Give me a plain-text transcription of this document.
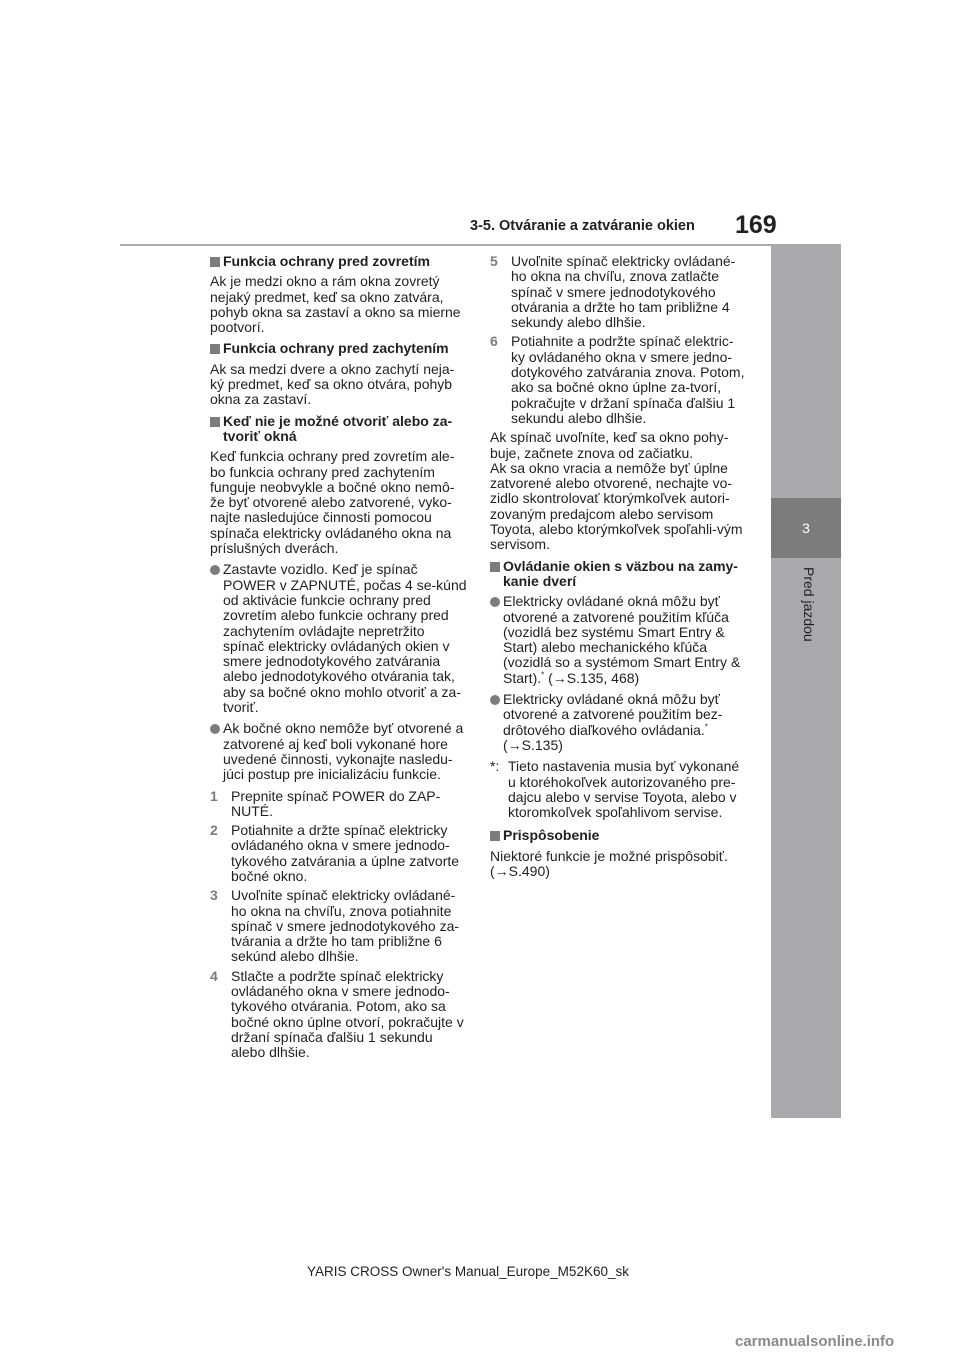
3-5. Otváranie a zatváranie okien 169
3
Pred jazdou
Funkcia ochrany pred zovretím

Ak je medzi okno a rám okna zovretý nejaký predmet, keď sa okno zatvára, pohyb okna sa zastaví a okno sa mierne pootvorí.

Funkcia ochrany pred zachytením

Ak sa medzi dvere a okno zachytí neja-ký predmet, keď sa okno otvára, pohyb okna za zastaví.

Keď nie je možné otvoriť alebo za-tvoriť okná

Keď funkcia ochrany pred zovretím ale-bo funkcia ochrany pred zachytením funguje neobvykle a bočné okno nemô-že byť otvorené alebo zatvorené, vyko-najte nasledujúce činnosti pomocou spínača elektricky ovládaného okna na príslušných dverách.

Zastavte vozidlo. Keď je spínač POWER v ZAPNUTÉ, počas 4 se-kúnd od aktivácie funkcie ochrany pred zovretím alebo funkcie ochrany pred zachytením ovládajte nepretržito spínač elektricky ovládaných okien v smere jednodotykového zatvárania alebo jednodotykového otvárania tak, aby sa bočné okno mohlo otvoriť a za-tvoriť.
Ak bočné okno nemôže byť otvorené a zatvorené aj keď boli vykonané hore uvedené činnosti, vykonajte nasledu-júci postup pre inicializáciu funkcie.
1 Prepnite spínač POWER do ZAP-NUTÉ.
2 Potiahnite a držte spínač elektricky ovládaného okna v smere jednodo-tykového zatvárania a úplne zatvorte bočné okno.
3 Uvoľnite spínač elektricky ovládané-ho okna na chvíľu, znova potiahnite spínač v smere jednodotykového za-tvárania a držte ho tam približne 6 sekúnd alebo dlhšie.
4 Stlačte a podržte spínač elektricky ovládaného okna v smere jednodo-tykového otvárania. Potom, ako sa bočné okno úplne otvorí, pokračujte v držaní spínača ďalšiu 1 sekundu alebo dlhšie.
5 Uvoľnite spínač elektricky ovládané-ho okna na chvíľu, znova zatlačte spínač v smere jednodotykového otvárania a držte ho tam približne 4 sekundy alebo dlhšie.
6 Potiahnite a podržte spínač elektric-ky ovládaného okna v smere jedno-dotykového zatvárania znova. Potom, ako sa bočné okno úplne za-tvorí, pokračujte v držaní spínača ďalšiu 1 sekundu alebo dlhšie.

Ak spínač uvoľníte, keď sa okno pohy-buje, začnete znova od začiatku.

Ak sa okno vracia a nemôže byť úplne zatvorené alebo otvorené, nechajte vo-zidlo skontrolovať ktorýmkoľvek autori-zovaným predajcom alebo servisom Toyota, alebo ktorýmkoľvek spoľahli-vým servisom.

Ovládanie okien s väzbou na zamy-kanie dverí
Elektricky ovládané okná môžu byť otvorené a zatvorené použitím kľúča (vozidlá bez systému Smart Entry & Start) alebo mechanického kľúča (vozidlá so a systémom Smart Entry & Start).* (→S.135, 468)
Elektricky ovládané okná môžu byť otvorené a zatvorené použitím bez-drôtového diaľkového ovládania.*
(→S.135)
*: Tieto nastavenia musia byť vykonané u ktoréhokoľvek autorizovaného pre-dajcu alebo v servise Toyota, alebo v ktoromkoľvek spoľahlivom servise.
Prispôsobenie

Niektoré funkcie je možné prispôsobiť.
(→S.490)

YARIS CROSS Owner's Manual_Europe_M52K60_sk
carmanualsonline.info
